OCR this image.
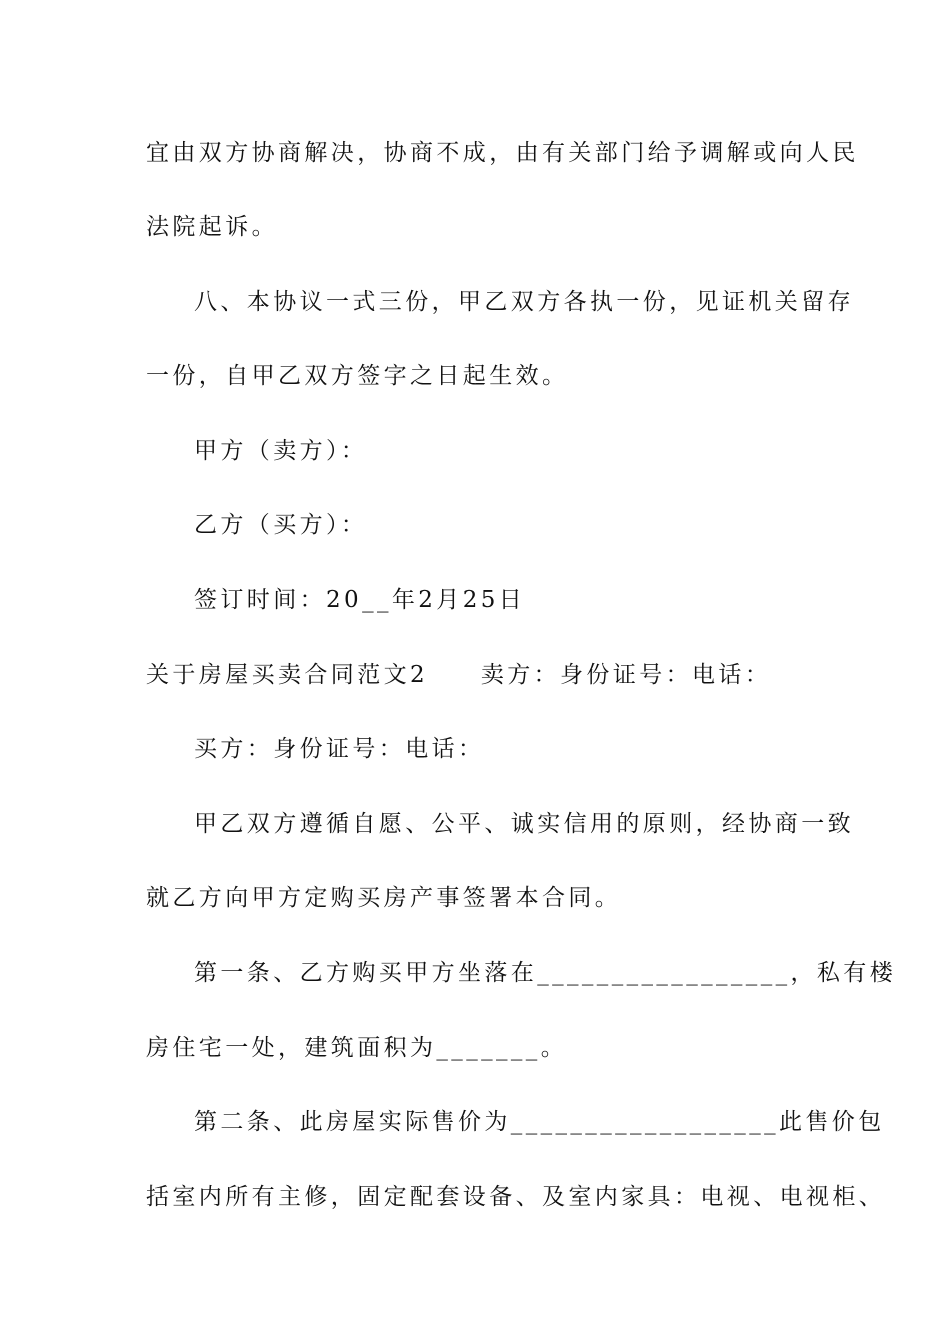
宜由双方协商解决，协商不成，由有关部门给予调解或向人民
法院起诉。
八、本协议一式三份，甲乙双方各执一份，见证机关留存
一份，自甲乙双方签字之日起生效。
甲方（卖方）：
乙方（买方）：
签订时间：20__年2月25日
关于房屋买卖合同范文2　　卖方：身份证号：电话：
买方：身份证号：电话：
甲乙双方遵循自愿、公平、诚实信用的原则，经协商一致
就乙方向甲方定购买房产事签署本合同。
第一条、乙方购买甲方坐落在_________________，私有楼
房住宅一处，建筑面积为_______。
第二条、此房屋实际售价为__________________此售价包
括室内所有主修，固定配套设备、及室内家具：电视、电视柜、
